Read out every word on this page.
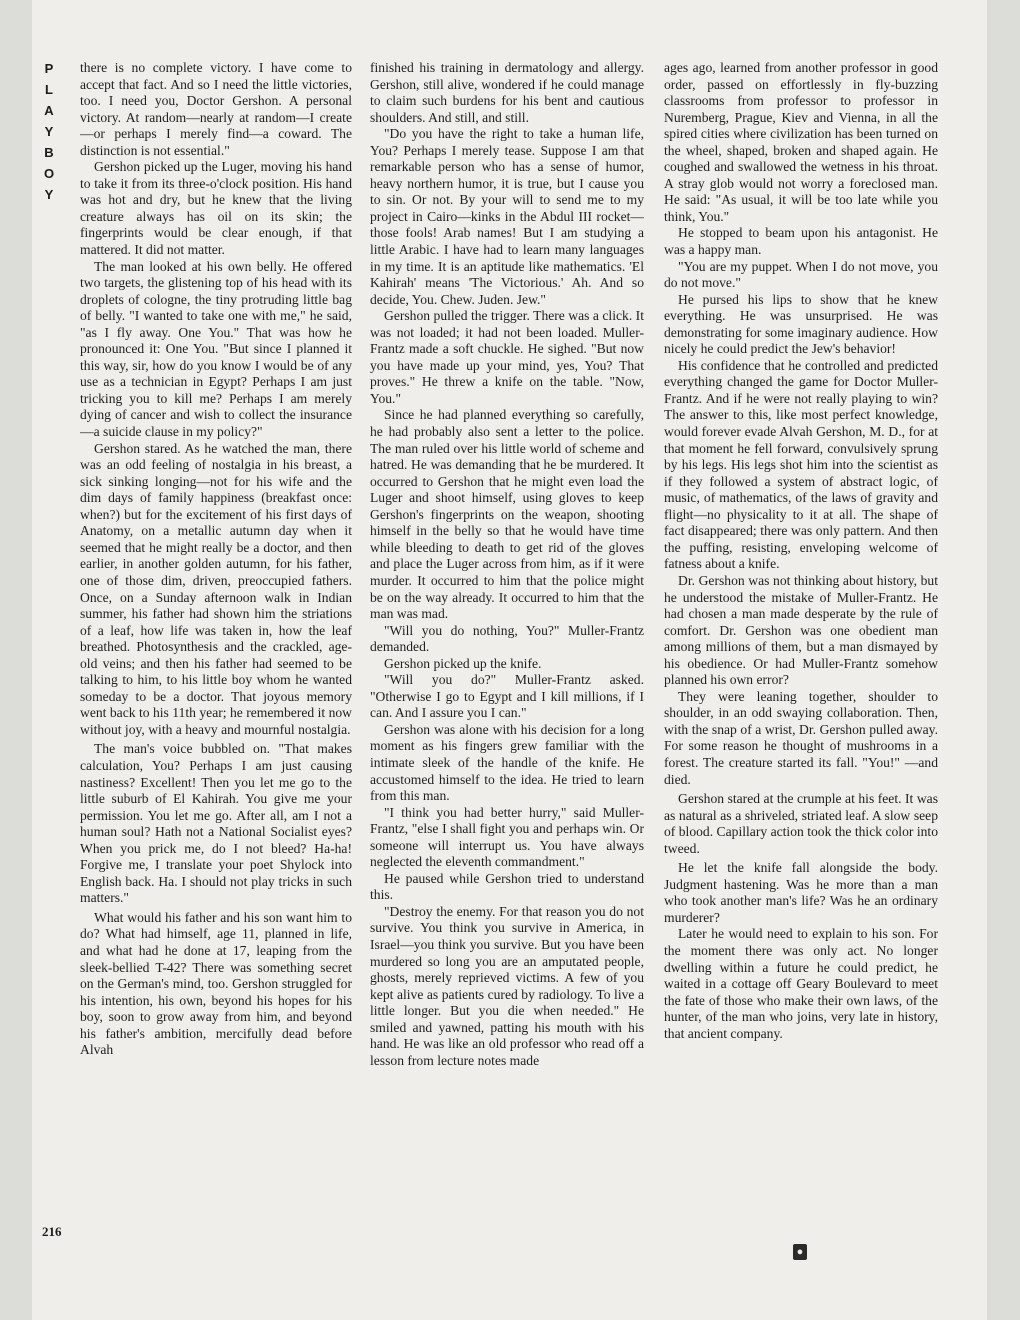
P
L
A
Y
B
O
Y

there is no complete victory. I have come to accept that fact. And so I need the little victories, too. I need you, Doctor Gershon. A personal victory. At random—nearly at random—I create—or perhaps I merely find—a coward. The distinction is not essential."

Gershon picked up the Luger, moving his hand to take it from its three-o'clock position. His hand was hot and dry, but he knew that the living creature always has oil on its skin; the fingerprints would be clear enough, if that mattered. It did not matter.

The man looked at his own belly. He offered two targets, the glistening top of his head with its droplets of cologne, the tiny protruding little bag of belly. "I wanted to take one with me," he said, "as I fly away. One You." That was how he pronounced it: One You. "But since I planned it this way, sir, how do you know I would be of any use as a technician in Egypt? Perhaps I am just tricking you to kill me? Perhaps I am merely dying of cancer and wish to collect the insurance—a suicide clause in my policy?"

Gershon stared. As he watched the man, there was an odd feeling of nostalgia in his breast, a sick sinking longing—not for his wife and the dim days of family happiness (breakfast once: when?) but for the excitement of his first days of Anatomy, on a metallic autumn day when it seemed that he might really be a doctor, and then earlier, in another golden autumn, for his father, one of those dim, driven, preoccupied fathers. Once, on a Sunday afternoon walk in Indian summer, his father had shown him the striations of a leaf, how life was taken in, how the leaf breathed. Photosynthesis and the crackled, age-old veins; and then his father had seemed to be talking to him, to his little boy whom he wanted someday to be a doctor. That joyous memory went back to his 11th year; he remembered it now without joy, with a heavy and mournful nostalgia.

The man's voice bubbled on. "That makes calculation, You? Perhaps I am just causing nastiness? Excellent! Then you let me go to the little suburb of El Kahirah. You give me your permission. You let me go. After all, am I not a human soul? Hath not a National Socialist eyes? When you prick me, do I not bleed? Ha-ha! Forgive me, I translate your poet Shylock into English back. Ha. I should not play tricks in such matters."

What would his father and his son want him to do? What had himself, age 11, planned in life, and what had he done at 17, leaping from the sleek-bellied T-42? There was something secret on the German's mind, too. Gershon struggled for his intention, his own, beyond his hopes for his boy, soon to grow away from him, and beyond his father's ambition, mercifully dead before Alvah

finished his training in dermatology and allergy. Gershon, still alive, wondered if he could manage to claim such burdens for his bent and cautious shoulders. And still, and still.

"Do you have the right to take a human life, You? Perhaps I merely tease. Suppose I am that remarkable person who has a sense of humor, heavy northern humor, it is true, but I cause you to sin. Or not. By your will to send me to my project in Cairo—kinks in the Abdul III rocket—those fools! Arab names! But I am studying a little Arabic. I have had to learn many languages in my time. It is an aptitude like mathematics. 'El Kahirah' means 'The Victorious.' Ah. And so decide, You. Chew. Juden. Jew."

Gershon pulled the trigger. There was a click. It was not loaded; it had not been loaded. Muller-Frantz made a soft chuckle. He sighed. "But now you have made up your mind, yes, You? That proves." He threw a knife on the table. "Now, You."

Since he had planned everything so carefully, he had probably also sent a letter to the police. The man ruled over his little world of scheme and hatred. He was demanding that he be murdered. It occurred to Gershon that he might even load the Luger and shoot himself, using gloves to keep Gershon's fingerprints on the weapon, shooting himself in the belly so that he would have time while bleeding to death to get rid of the gloves and place the Luger across from him, as if it were murder. It occurred to him that the police might be on the way already. It occurred to him that the man was mad.

"Will you do nothing, You?" Muller-Frantz demanded.

Gershon picked up the knife.

"Will you do?" Muller-Frantz asked. "Otherwise I go to Egypt and I kill millions, if I can. And I assure you I can."

Gershon was alone with his decision for a long moment as his fingers grew familiar with the intimate sleek of the handle of the knife. He accustomed himself to the idea. He tried to learn from this man.

"I think you had better hurry," said Muller-Frantz, "else I shall fight you and perhaps win. Or someone will interrupt us. You have always neglected the eleventh commandment."

He paused while Gershon tried to understand this.

"Destroy the enemy. For that reason you do not survive. You think you survive in America, in Israel—you think you survive. But you have been murdered so long you are an amputated people, ghosts, merely reprieved victims. A few of you kept alive as patients cured by radiology. To live a little longer. But you die when needed." He smiled and yawned, patting his mouth with his hand. He was like an old professor who read off a lesson from lecture notes made

ages ago, learned from another professor in good order, passed on effortlessly in fly-buzzing classrooms from professor to professor in Nuremberg, Prague, Kiev and Vienna, in all the spired cities where civilization has been turned on the wheel, shaped, broken and shaped again. He coughed and swallowed the wetness in his throat. A stray glob would not worry a foreclosed man. He said: "As usual, it will be too late while you think, You."

He stopped to beam upon his antagonist. He was a happy man.

"You are my puppet. When I do not move, you do not move."

He pursed his lips to show that he knew everything. He was unsurprised. He was demonstrating for some imaginary audience. How nicely he could predict the Jew's behavior!

His confidence that he controlled and predicted everything changed the game for Doctor Muller-Frantz. And if he were not really playing to win? The answer to this, like most perfect knowledge, would forever evade Alvah Gershon, M. D., for at that moment he fell forward, convulsively sprung by his legs. His legs shot him into the scientist as if they followed a system of abstract logic, of music, of mathematics, of the laws of gravity and flight—no physicality to it at all. The shape of fact disappeared; there was only pattern. And then the puffing, resisting, enveloping welcome of fatness about a knife.

Dr. Gershon was not thinking about history, but he understood the mistake of Muller-Frantz. He had chosen a man made desperate by the rule of comfort. Dr. Gershon was one obedient man among millions of them, but a man dismayed by his obedience. Or had Muller-Frantz somehow planned his own error?

They were leaning together, shoulder to shoulder, in an odd swaying collaboration. Then, with the snap of a wrist, Dr. Gershon pulled away. For some reason he thought of mushrooms in a forest. The creature started its fall. "You!" —and died.

Gershon stared at the crumple at his feet. It was as natural as a shriveled, striated leaf. A slow seep of blood. Capillary action took the thick color into tweed.

He let the knife fall alongside the body. Judgment hastening. Was he more than a man who took another man's life? Was he an ordinary murderer?

Later he would need to explain to his son. For the moment there was only act. No longer dwelling within a future he could predict, he waited in a cottage off Geary Boulevard to meet the fate of those who make their own laws, of the hunter, of the man who joins, very late in history, that ancient company.

216
●
